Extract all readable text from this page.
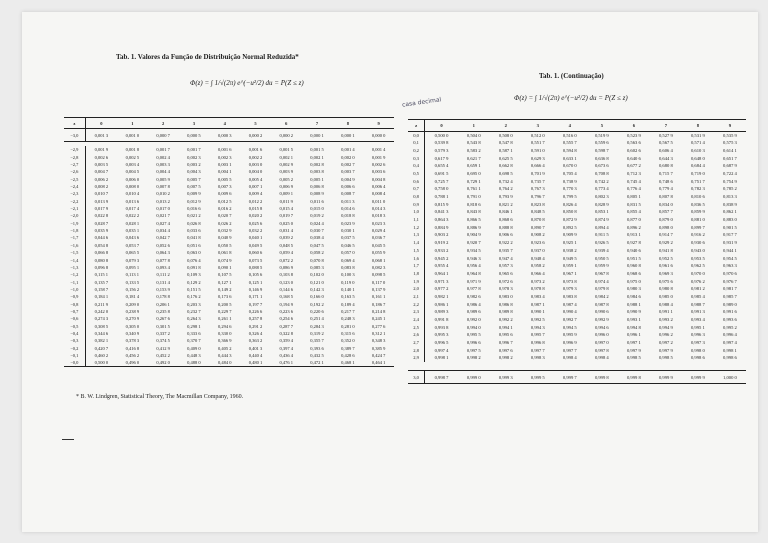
Tab. 1. Valores da Função de Distribuição Normal Reduzida*
Φ(z) = ∫ 1/√(2π) e^(−u²/2) du = P(Z ≤ z)
z	0	1	2	3	4	5	6	7	8	9
−3,0	0,001 3	0,001 0	0,000 7	0,000 5	0,000 3	0,000 2	0,000 2	0,000 1	0,000 1	0,000 0

−2,9	0,001 9	0,001 8	0,001 7	0,001 7	0,001 6	0,001 6	0,001 5	0,001 5	0,001 4	0,001 4
−2,8	0,002 6	0,002 5	0,002 4	0,002 3	0,002 3	0,002 2	0,002 1	0,002 1	0,002 0	0,001 9
−2,7	0,003 5	0,003 4	0,003 3	0,003 2	0,003 1	0,003 0	0,002 9	0,002 8	0,002 7	0,002 6
−2,6	0,004 7	0,004 5	0,004 4	0,004 3	0,004 1	0,004 0	0,003 9	0,003 8	0,003 7	0,003 6
−2,5	0,006 2	0,006 0	0,005 9	0,005 7	0,005 5	0,005 4	0,005 2	0,005 1	0,004 9	0,004 8
−2,4	0,008 2	0,008 0	0,007 8	0,007 5	0,007 3	0,007 1	0,006 9	0,006 8	0,006 6	0,006 4
−2,3	0,010 7	0,010 4	0,010 2	0,009 9	0,009 6	0,009 4	0,009 1	0,008 9	0,008 7	0,008 4
−2,2	0,013 9	0,013 6	0,013 2	0,012 9	0,012 5	0,012 2	0,011 9	0,011 6	0,011 3	0,011 0
−2,1	0,017 9	0,017 4	0,017 0	0,016 6	0,016 2	0,015 8	0,015 4	0,015 0	0,014 6	0,014 3
−2,0	0,022 8	0,022 2	0,021 7	0,021 2	0,020 7	0,020 2	0,019 7	0,019 2	0,018 8	0,018 3
−1,9	0,028 7	0,028 1	0,027 4	0,026 8	0,026 2	0,025 6	0,025 0	0,024 4	0,023 9	0,023 3
−1,8	0,035 9	0,035 1	0,034 4	0,033 6	0,032 9	0,032 2	0,031 4	0,030 7	0,030 1	0,029 4
−1,7	0,044 6	0,043 6	0,042 7	0,041 8	0,040 9	0,040 1	0,039 2	0,038 4	0,037 5	0,036 7
−1,6	0,054 8	0,053 7	0,052 6	0,051 6	0,050 5	0,049 5	0,048 5	0,047 5	0,046 5	0,045 5
−1,5	0,066 8	0,065 5	0,064 3	0,063 0	0,061 8	0,060 6	0,059 4	0,058 2	0,057 0	0,055 9
−1,4	0,080 8	0,079 3	0,077 8	0,076 4	0,074 9	0,073 5	0,072 2	0,070 8	0,069 4	0,068 1
−1,3	0,096 8	0,095 1	0,093 4	0,091 8	0,090 1	0,088 5	0,086 9	0,085 3	0,083 8	0,082 3
−1,2	0,115 1	0,113 1	0,111 2	0,109 3	0,107 5	0,105 6	0,103 8	0,102 0	0,100 3	0,098 5
−1,1	0,135 7	0,133 5	0,131 4	0,129 2	0,127 1	0,125 1	0,123 0	0,121 0	0,119 0	0,117 0
−1,0	0,158 7	0,156 2	0,153 9	0,151 5	0,149 2	0,146 9	0,144 6	0,142 3	0,140 1	0,137 9
−0,9	0,184 1	0,181 4	0,178 8	0,176 2	0,173 6	0,171 1	0,168 5	0,166 0	0,163 5	0,161 1
−0,8	0,211 9	0,209 0	0,206 1	0,203 3	0,200 5	0,197 7	0,194 9	0,192 2	0,189 4	0,186 7
−0,7	0,242 0	0,238 9	0,235 8	0,232 7	0,229 7	0,226 6	0,223 6	0,220 6	0,217 7	0,214 8
−0,6	0,274 3	0,270 9	0,267 6	0,264 3	0,261 1	0,257 8	0,254 6	0,251 4	0,248 3	0,245 1
−0,5	0,308 5	0,305 0	0,301 5	0,298 1	0,294 6	0,291 2	0,287 7	0,284 3	0,281 0	0,277 6
−0,4	0,344 6	0,340 9	0,337 2	0,333 6	0,330 0	0,326 4	0,322 8	0,319 2	0,315 6	0,312 1
−0,3	0,382 1	0,378 3	0,374 5	0,370 7	0,366 9	0,363 2	0,359 4	0,355 7	0,352 0	0,348 3
−0,2	0,420 7	0,416 8	0,412 9	0,409 0	0,405 2	0,401 3	0,397 4	0,393 6	0,389 7	0,385 9
−0,1	0,460 2	0,456 2	0,452 2	0,448 3	0,444 3	0,440 4	0,436 4	0,432 5	0,428 6	0,424 7
−0,0	0,500 0	0,496 0	0,492 0	0,488 0	0,484 0	0,480 1	0,476 1	0,472 1	0,468 1	0,464 1
* B. W. Lindgren, Statistical Theory, The Macmillan Company, 1960.
Tab. 1. (Continuação)
casa decimal	Φ(z) = ∫ 1/√(2π) e^(−u²/2) du = P(Z ≤ z)
z	0	1	2	3	4	5	6	7	8	9
0,0	0,500 0	0,504 0	0,508 0	0,512 0	0,516 0	0,519 9	0,523 9	0,527 9	0,531 9	0,535 9
0,1	0,539 8	0,543 8	0,547 8	0,551 7	0,555 7	0,559 6	0,563 6	0,567 5	0,571 4	0,575 3
0,2	0,579 3	0,583 2	0,587 1	0,591 0	0,594 8	0,598 7	0,602 6	0,606 4	0,610 3	0,614 1
0,3	0,617 9	0,621 7	0,625 5	0,629 3	0,633 1	0,636 8	0,640 6	0,644 3	0,648 0	0,651 7
0,4	0,655 4	0,659 1	0,662 8	0,666 4	0,670 0	0,673 6	0,677 2	0,680 8	0,684 4	0,687 9
0,5	0,691 5	0,695 0	0,698 5	0,701 9	0,705 4	0,708 8	0,712 3	0,715 7	0,719 0	0,722 4
0,6	0,725 7	0,729 1	0,732 4	0,735 7	0,738 9	0,742 2	0,745 4	0,748 6	0,751 7	0,754 9
0,7	0,758 0	0,761 1	0,764 2	0,767 3	0,770 3	0,773 4	0,776 4	0,779 4	0,782 3	0,785 2
0,8	0,788 1	0,791 0	0,793 9	0,796 7	0,799 5	0,802 3	0,805 1	0,807 8	0,810 6	0,813 3
0,9	0,815 9	0,818 6	0,821 2	0,823 8	0,826 4	0,828 9	0,831 5	0,834 0	0,836 5	0,838 9
1,0	0,841 3	0,843 8	0,846 1	0,848 5	0,850 8	0,853 1	0,855 4	0,857 7	0,859 9	0,862 1
1,1	0,864 3	0,866 5	0,868 6	0,870 8	0,872 9	0,874 9	0,877 0	0,879 0	0,881 0	0,883 0
1,2	0,884 9	0,886 9	0,888 8	0,890 7	0,892 5	0,894 4	0,896 2	0,898 0	0,899 7	0,901 5
1,3	0,903 2	0,904 9	0,906 6	0,908 2	0,909 9	0,911 5	0,913 1	0,914 7	0,916 2	0,917 7
1,4	0,919 2	0,920 7	0,922 2	0,923 6	0,925 1	0,926 5	0,927 8	0,929 2	0,930 6	0,931 9
1,5	0,933 2	0,934 5	0,935 7	0,937 0	0,938 2	0,939 4	0,940 6	0,941 8	0,943 0	0,944 1
1,6	0,945 2	0,946 3	0,947 4	0,948 4	0,949 5	0,950 5	0,951 5	0,952 5	0,953 5	0,954 5
1,7	0,955 4	0,956 4	0,957 3	0,958 2	0,959 1	0,959 9	0,960 8	0,961 6	0,962 5	0,963 3
1,8	0,964 1	0,964 8	0,965 6	0,966 4	0,967 1	0,967 8	0,968 6	0,969 3	0,970 0	0,970 6
1,9	0,971 3	0,971 9	0,972 6	0,973 2	0,973 8	0,974 4	0,975 0	0,975 6	0,976 2	0,976 7
2,0	0,977 2	0,977 8	0,978 3	0,978 8	0,979 3	0,979 8	0,980 3	0,980 8	0,981 2	0,981 7
2,1	0,982 1	0,982 6	0,983 0	0,983 4	0,983 8	0,984 2	0,984 6	0,985 0	0,985 4	0,985 7
2,2	0,986 1	0,986 4	0,986 8	0,987 1	0,987 4	0,987 8	0,988 1	0,988 4	0,988 7	0,989 0
2,3	0,989 3	0,989 6	0,989 8	0,990 1	0,990 4	0,990 6	0,990 9	0,991 1	0,991 3	0,991 6
2,4	0,991 8	0,992 0	0,992 2	0,992 5	0,992 7	0,992 9	0,993 1	0,993 2	0,993 4	0,993 6
2,5	0,993 8	0,994 0	0,994 1	0,994 3	0,994 5	0,994 6	0,994 8	0,994 9	0,995 1	0,995 2
2,6	0,995 3	0,995 5	0,995 6	0,995 7	0,995 9	0,996 0	0,996 1	0,996 2	0,996 3	0,996 4
2,7	0,996 5	0,996 6	0,996 7	0,996 8	0,996 9	0,997 0	0,997 1	0,997 2	0,997 3	0,997 4
2,8	0,997 4	0,997 5	0,997 6	0,997 7	0,997 7	0,997 8	0,997 9	0,997 9	0,998 0	0,998 1
2,9	0,998 1	0,998 2	0,998 2	0,998 3	0,998 4	0,998 4	0,998 5	0,998 5	0,998 6	0,998 6

3,0	0,998 7	0,999 0	0,999 3	0,999 5	0,999 7	0,999 8	0,999 8	0,999 9	0,999 9	1,000 0
